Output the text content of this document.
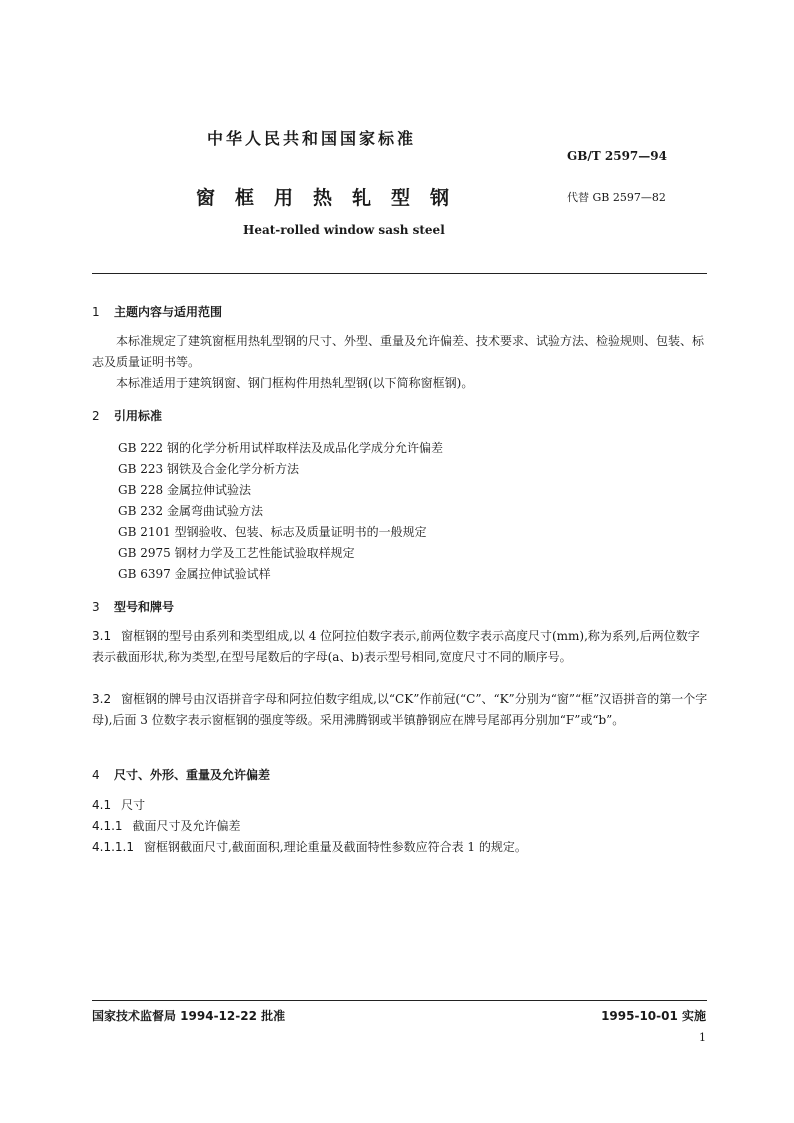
中华人民共和国国家标准
GB/T 2597—94
窗框用热轧型钢	代替 GB 2597—82
Heat-rolled window sash steel
1 主题内容与适用范围
本标准规定了建筑窗框用热轧型钢的尺寸、外型、重量及允许偏差、技术要求、试验方法、检验规则、包装、标志及质量证明书等。
本标准适用于建筑钢窗、钢门框构件用热轧型钢(以下简称窗框钢)。
2 引用标准
GB 222 钢的化学分析用试样取样法及成品化学成分允许偏差
GB 223 钢铁及合金化学分析方法
GB 228 金属拉伸试验法
GB 232 金属弯曲试验方法
GB 2101 型钢验收、包装、标志及质量证明书的一般规定
GB 2975 钢材力学及工艺性能试验取样规定
GB 6397 金属拉伸试验试样
3 型号和牌号
3.1 窗框钢的型号由系列和类型组成,以 4 位阿拉伯数字表示,前两位数字表示高度尺寸(mm),称为系列,后两位数字表示截面形状,称为类型,在型号尾数后的字母(a、b)表示型号相同,宽度尺寸不同的顺序号。
3.2 窗框钢的牌号由汉语拼音字母和阿拉伯数字组成,以“CK”作前冠(“C”、“K”分别为“窗”“框”汉语拼音的第一个字母),后面 3 位数字表示窗框钢的强度等级。采用沸腾钢或半镇静钢应在牌号尾部再分别加“F”或“b”。
4 尺寸、外形、重量及允许偏差
4.1 尺寸
4.1.1 截面尺寸及允许偏差
4.1.1.1 窗框钢截面尺寸,截面面积,理论重量及截面特性参数应符合表 1 的规定。
国家技术监督局 1994-12-22 批准	1995-10-01 实施
1
